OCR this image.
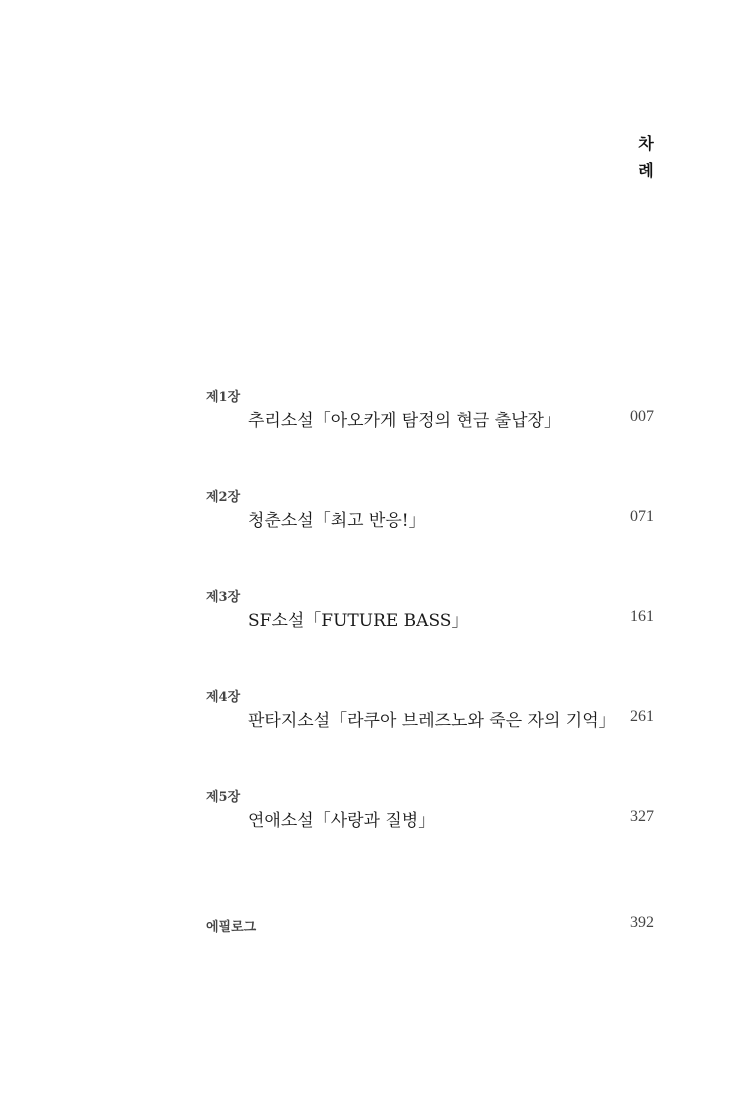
차
례
제1장
추리소설「아오카게 탐정의 현금 출납장」	007
제2장
청춘소설「최고 반응!」	071
제3장
SF소설「FUTURE BASS」	161
제4장
판타지소설「라쿠아 브레즈노와 죽은 자의 기억」 261
제5장
연애소설「사랑과 질병」	327
에필로그	392
